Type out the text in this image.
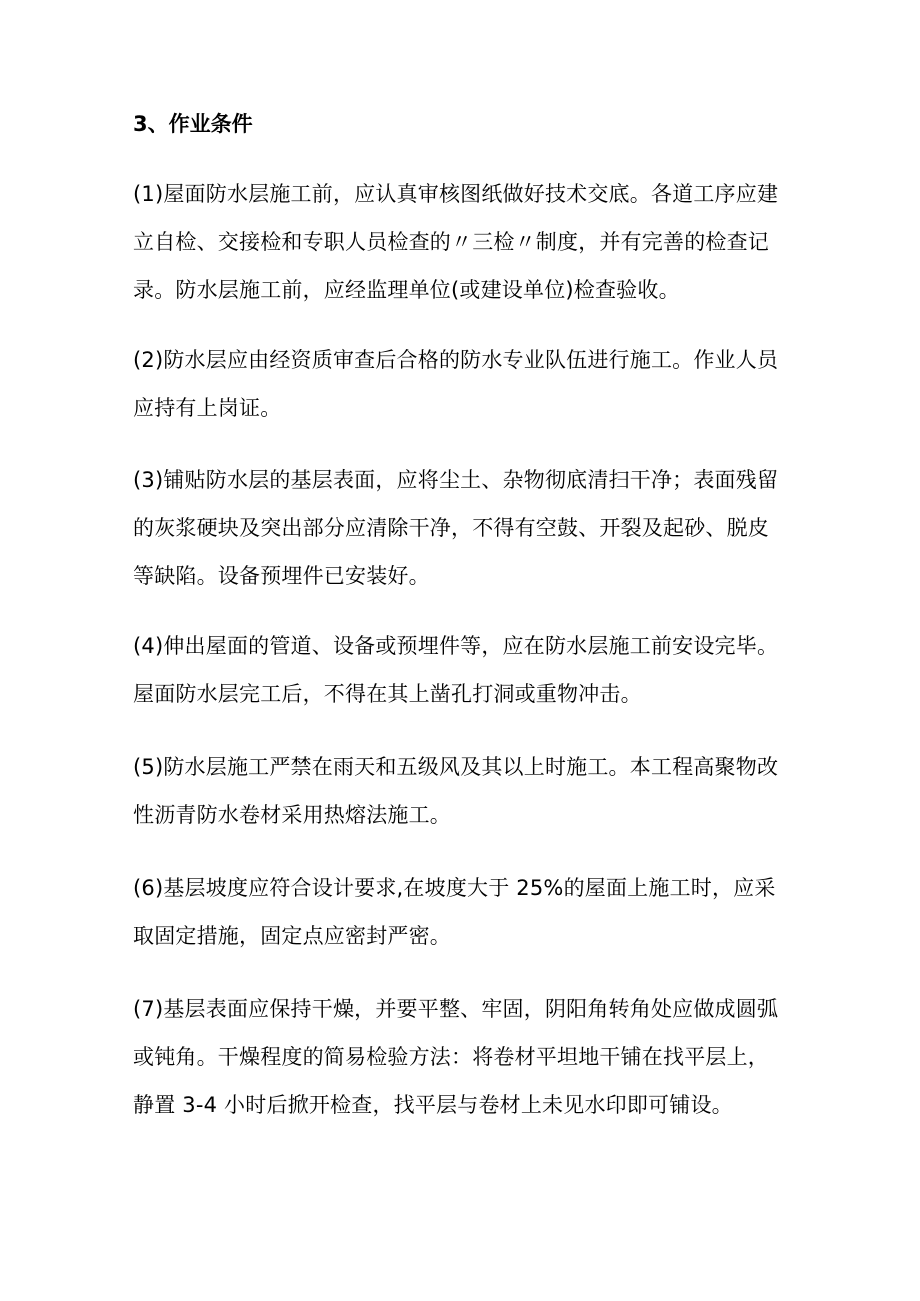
3、作业条件

(1)屋面防水层施工前，应认真审核图纸做好技术交底。各道工序应建
立自检、交接检和专职人员检查的〃三检〃制度，并有完善的检查记
录。防水层施工前，应经监理单位(或建设单位)检查验收。

(2)防水层应由经资质审查后合格的防水专业队伍进行施工。作业人员
应持有上岗证。

(3)铺贴防水层的基层表面，应将尘土、杂物彻底清扫干净；表面残留
的灰浆硬块及突出部分应清除干净，不得有空鼓、开裂及起砂、脱皮
等缺陷。设备预埋件已安装好。

(4)伸出屋面的管道、设备或预埋件等，应在防水层施工前安设完毕。
屋面防水层完工后，不得在其上凿孔打洞或重物冲击。

(5)防水层施工严禁在雨天和五级风及其以上时施工。本工程高聚物改
性沥青防水卷材采用热熔法施工。

(6)基层坡度应符合设计要求,在坡度大于 25%的屋面上施工时，应采
取固定措施，固定点应密封严密。

(7)基层表面应保持干燥，并要平整、牢固，阴阳角转角处应做成圆弧
或钝角。干燥程度的简易检验方法：将卷材平坦地干铺在找平层上，
静置 3-4 小时后掀开检查，找平层与卷材上未见水印即可铺设。
